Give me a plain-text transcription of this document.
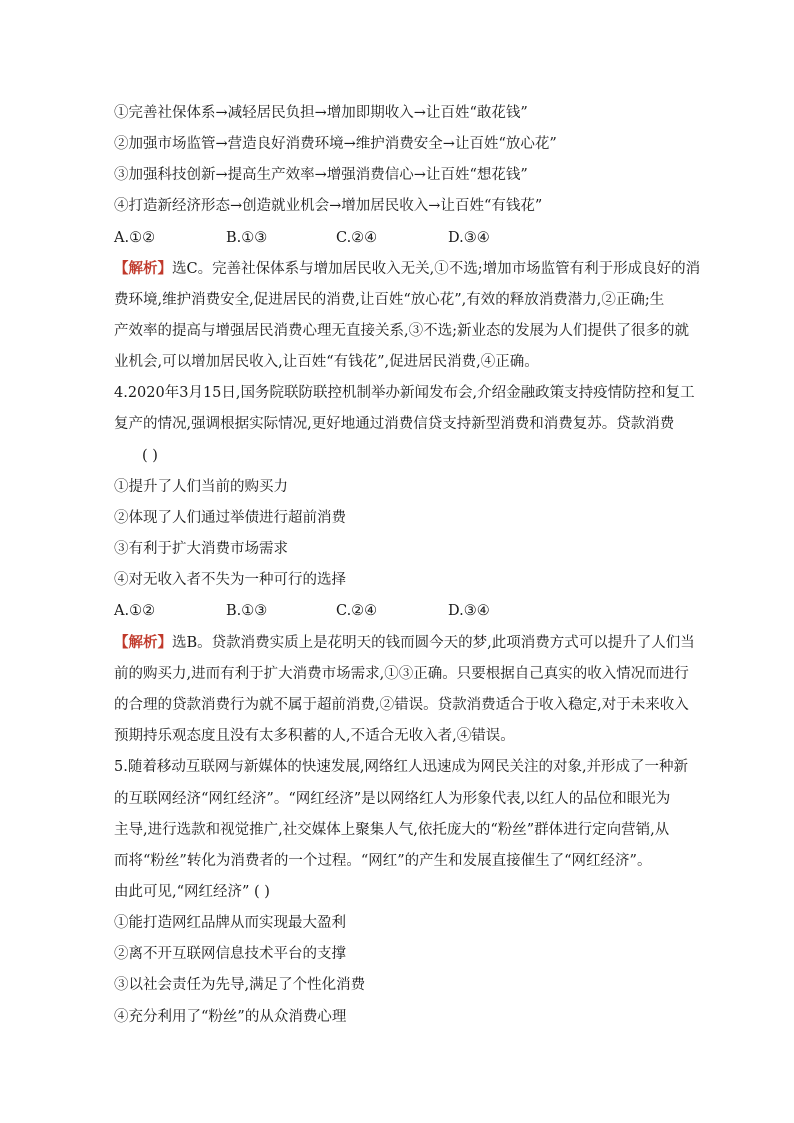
①完善社保体系→减轻居民负担→增加即期收入→让百姓“敢花钱”
②加强市场监管→营造良好消费环境→维护消费安全→让百姓“放心花”
③加强科技创新→提高生产效率→增强消费信心→让百姓“想花钱”
④打造新经济形态→创造就业机会→增加居民收入→让百姓“有钱花”
A.①②	B.①③	C.②④	D.③④
【解析】选C。完善社保体系与增加居民收入无关,①不选;增加市场监管有利于形成良好的消
费环境,维护消费安全,促进居民的消费,让百姓“放心花”,有效的释放消费潜力,②正确;生
产效率的提高与增强居民消费心理无直接关系,③不选;新业态的发展为人们提供了很多的就
业机会,可以增加居民收入,让百姓“有钱花”,促进居民消费,④正确。
4.2020年3月15日,国务院联防联控机制举办新闻发布会,介绍金融政策支持疫情防控和复工
复产的情况,强调根据实际情况,更好地通过消费信贷支持新型消费和消费复苏。贷款消费
( )
①提升了人们当前的购买力
②体现了人们通过举债进行超前消费
③有利于扩大消费市场需求
④对无收入者不失为一种可行的选择
A.①②	B.①③	C.②④	D.③④
【解析】选B。贷款消费实质上是花明天的钱而圆今天的梦,此项消费方式可以提升了人们当
前的购买力,进而有利于扩大消费市场需求,①③正确。只要根据自己真实的收入情况而进行
的合理的贷款消费行为就不属于超前消费,②错误。贷款消费适合于收入稳定,对于未来收入
预期持乐观态度且没有太多积蓄的人,不适合无收入者,④错误。
5.随着移动互联网与新媒体的快速发展,网络红人迅速成为网民关注的对象,并形成了一种新
的互联网经济“网红经济”。“网红经济”是以网络红人为形象代表,以红人的品位和眼光为
主导,进行选款和视觉推广,社交媒体上聚集人气,依托庞大的“粉丝”群体进行定向营销,从
而将“粉丝”转化为消费者的一个过程。“网红”的产生和发展直接催生了“网红经济”。
由此可见,“网红经济” ( )
①能打造网红品牌从而实现最大盈利
②离不开互联网信息技术平台的支撑
③以社会责任为先导,满足了个性化消费
④充分利用了“粉丝”的从众消费心理
